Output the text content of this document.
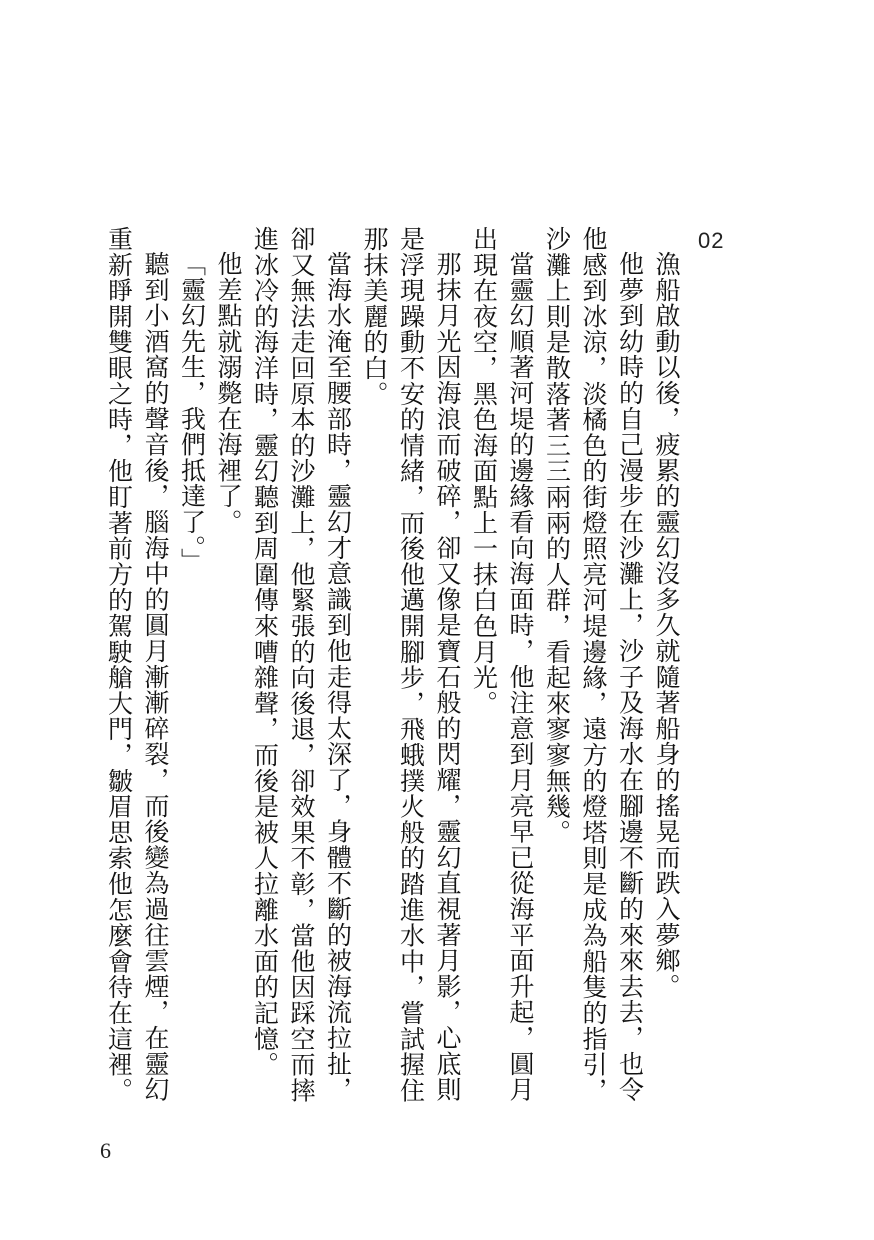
02

漁船啟動以後，疲累的靈幻沒多久就隨著船身的搖晃而跌入夢鄉。

他夢到幼時的自己漫步在沙灘上，沙子及海水在腳邊不斷的來來去去，也令他感到冰涼，淡橘色的街燈照亮河堤邊緣，遠方的燈塔則是成為船隻的指引，沙灘上則是散落著三三兩兩的人群，看起來寥寥無幾。

當靈幻順著河堤的邊緣看向海面時，他注意到月亮早已從海平面升起，圓月出現在夜空，黑色海面點上一抹白色月光。

那抹月光因海浪而破碎，卻又像是寶石般的閃耀，靈幻直視著月影，心底則是浮現躁動不安的情緒，而後他邁開腳步，飛蛾撲火般的踏進水中，嘗試握住那抹美麗的白。

當海水淹至腰部時，靈幻才意識到他走得太深了，身體不斷的被海流拉扯，卻又無法走回原本的沙灘上，他緊張的向後退，卻效果不彰，當他因踩空而摔進冰冷的海洋時，靈幻聽到周圍傳來嘈雜聲，而後是被人拉離水面的記憶。

他差點就溺斃在海裡了。

「靈幻先生，我們抵達了。」

聽到小酒窩的聲音後，腦海中的圓月漸漸碎裂，而後變為過往雲煙，在靈幻重新睜開雙眼之時，他盯著前方的駕駛艙大門，皺眉思索他怎麼會待在這裡。

6
